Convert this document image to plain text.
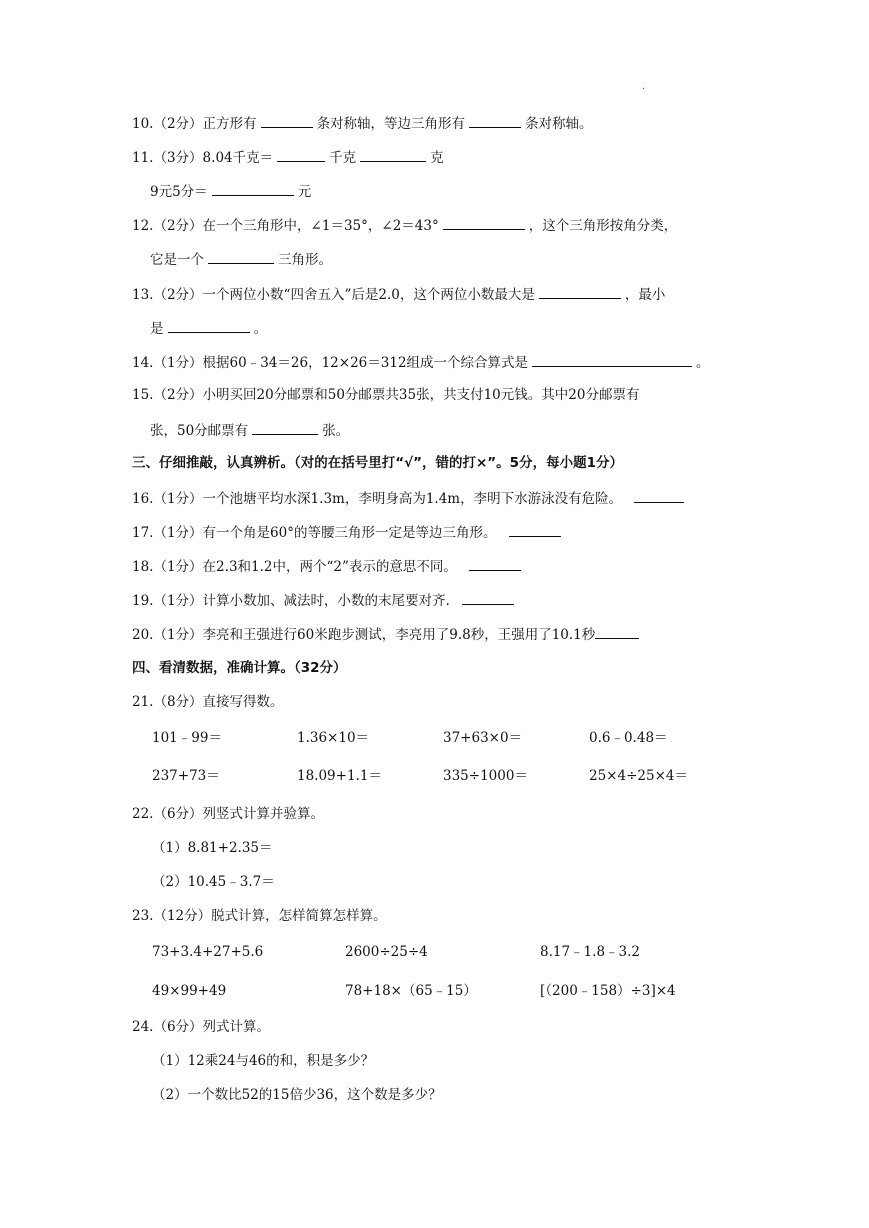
·
10.（2分）正方形有	条对称轴，等边三角形有	条对称轴。
11.（3分）8.04千克＝	千克	克
9元5分＝	元
12.（2分）在一个三角形中，∠1＝35°，∠2＝43°	，这个三角形按角分类，
它是一个	三角形。
13.（2分）一个两位小数“四舍五入”后是2.0，这个两位小数最大是	，最小
是	。
14.（1分）根据60﹣34＝26，12×26＝312组成一个综合算式是	。
15.（2分）小明买回20分邮票和50分邮票共35张，共支付10元钱。其中20分邮票有
张，50分邮票有	张。
三、仔细推敲，认真辨析。（对的在括号里打“√”，错的打×”。5分，每小题1分）
16.（1分）一个池塘平均水深1.3m，李明身高为1.4m，李明下水游泳没有危险。
17.（1分）有一个角是60°的等腰三角形一定是等边三角形。
18.（1分）在2.3和1.2中，两个“2”表示的意思不同。
19.（1分）计算小数加、减法时，小数的末尾要对齐.
20.（1分）李亮和王强进行60米跑步测试，李亮用了9.8秒，王强用了10.1秒
四、看清数据，准确计算。（32分）
21.（8分）直接写得数。
101﹣99＝	1.36×10＝	37+63×0＝	0.6﹣0.48＝
237+73＝	18.09+1.1＝	335÷1000＝	25×4÷25×4＝
22.（6分）列竖式计算并验算。
（1）8.81+2.35＝
（2）10.45﹣3.7＝
23.（12分）脱式计算，怎样简算怎样算。
73+3.4+27+5.6	2600÷25÷4	8.17﹣1.8﹣3.2
49×99+49	78+18×（65﹣15）	[（200﹣158）÷3]×4
24.（6分）列式计算。
（1）12乘24与46的和，积是多少？
（2）一个数比52的15倍少36，这个数是多少？
